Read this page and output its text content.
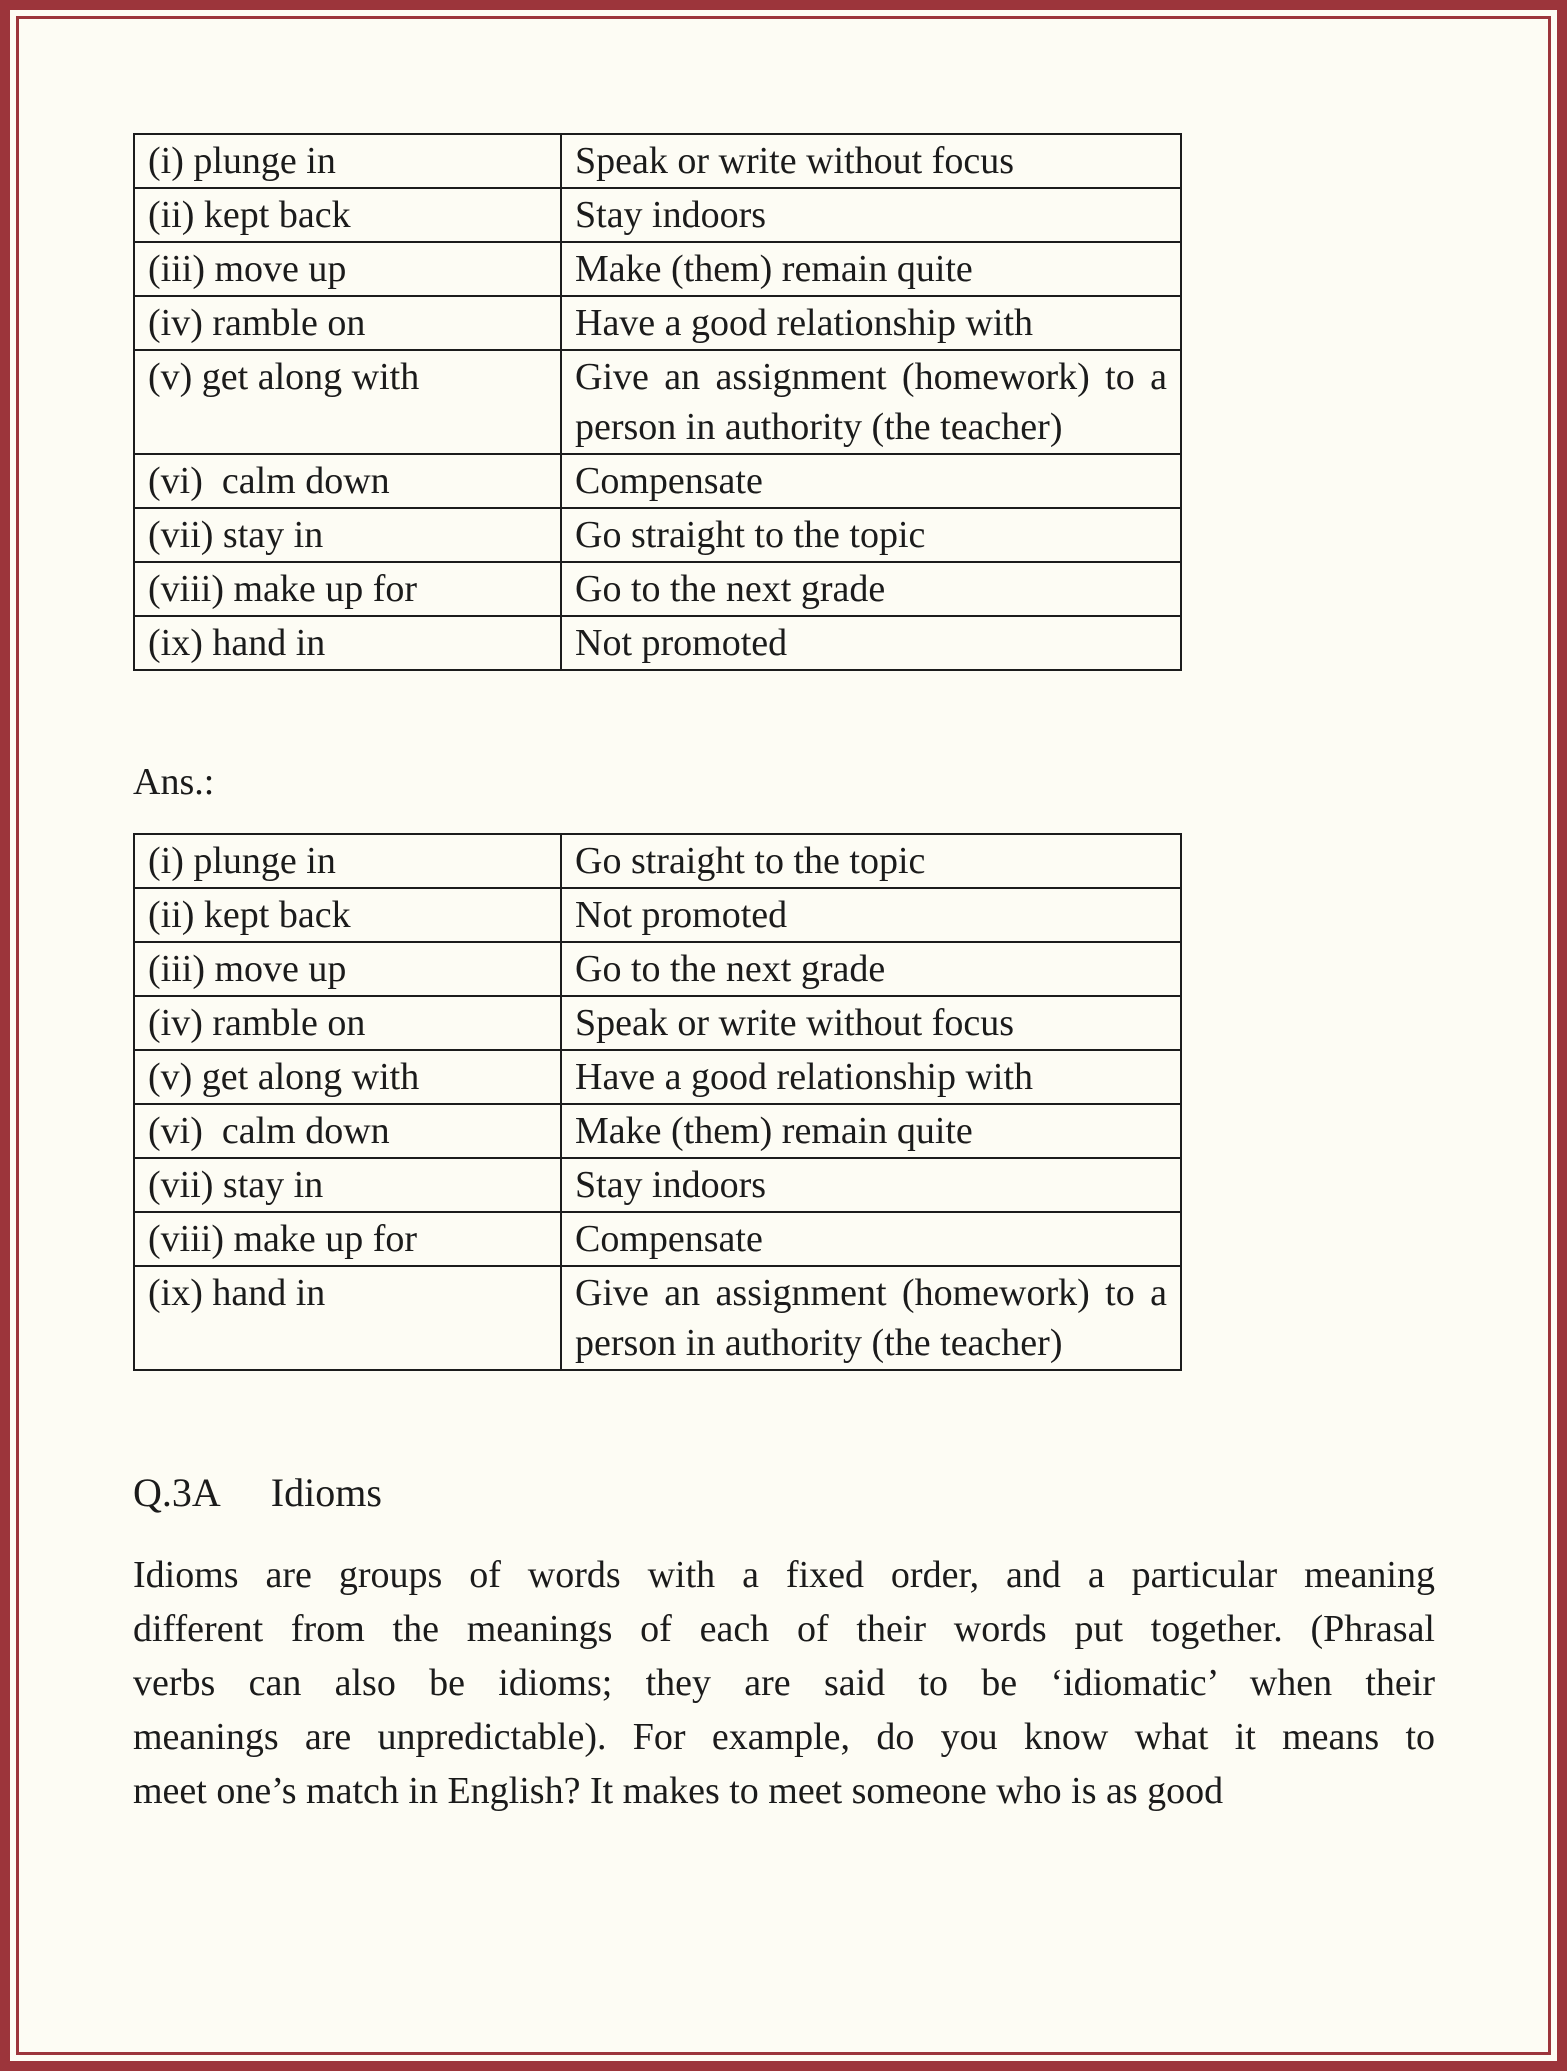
(i) plunge in	Speak or write without focus
(ii) kept back	Stay indoors
(iii) move up	Make (them) remain quite
(iv) ramble on	Have a good relationship with
(v) get along with	Give an assignment (homework) to a person in authority (the teacher)
(vi)  calm down	Compensate
(vii) stay in	Go straight to the topic
(viii) make up for	Go to the next grade
(ix) hand in	Not promoted
Ans.:
(i) plunge in	Go straight to the topic
(ii) kept back	Not promoted
(iii) move up	Go to the next grade
(iv) ramble on	Speak or write without focus
(v) get along with	Have a good relationship with
(vi)  calm down	Make (them) remain quite
(vii) stay in	Stay indoors
(viii) make up for	Compensate
(ix) hand in	Give an assignment (homework) to a person in authority (the teacher)
Q.3A Idioms
Idioms are groups of words with a fixed order, and a particular meaning
different from the meanings of each of their words put together. (Phrasal
verbs can also be idioms; they are said to be ‘idiomatic’ when their
meanings are unpredictable). For example, do you know what it means to
meet one’s match in English? It makes to meet someone who is as good
